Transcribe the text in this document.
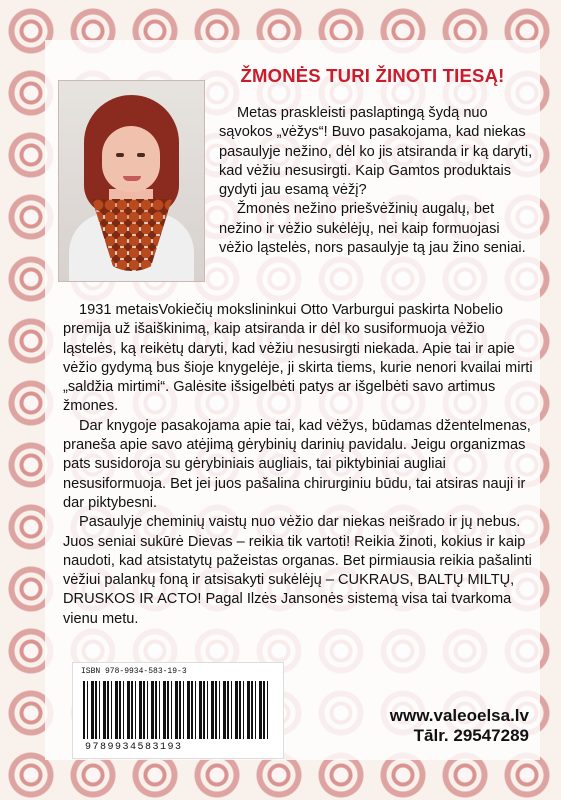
ŽMONĖS TURI ŽINOTI TIESĄ!

Metas praskleisti paslaptingą šydą nuo sąvokos „vėžys“! Buvo pasakojama, kad niekas pasaulyje nežino, dėl ko jis atsiranda ir ką daryti, kad vėžiu nesusirgti. Kaip Gamtos produktais gydyti jau esamą vėžį?

Žmonės nežino priešvėžinių augalų, bet nežino ir vėžio sukėlėjų, nei kaip formuojasi vėžio ląstelės, nors pasaulyje tą jau žino seniai.

1931 metaisVokiečių mokslininkui Otto Varburgui paskirta Nobelio premija už išaiškinimą, kaip atsiranda ir dėl ko susiformuoja vėžio ląstelės, ką reikėtų daryti, kad vėžiu nesusirgti niekada. Apie tai ir apie vėžio gydymą bus šioje knygelėje, ji skirta tiems, kurie nenori kvailai mirti „saldžia mirtimi“. Galėsite išsigelbėti patys ar išgelbėti savo artimus žmones.

Dar knygoje pasakojama apie tai, kad vėžys, būdamas džentelmenas, praneša apie savo atėjimą gėrybinių darinių pavidalu. Jeigu organizmas pats susidoroja su gėrybiniais augliais, tai piktybiniai augliai nesusiformuoja. Bet jei juos pašalina chirurginiu būdu, tai atsiras nauji ir dar piktybesni.

Pasaulyje cheminių vaistų nuo vėžio dar niekas neišrado ir jų nebus. Juos seniai sukūrė Dievas – reikia tik vartoti! Reikia žinoti, kokius ir kaip naudoti, kad atsistatytų pažeistas organas. Bet pirmiausia reikia pašalinti vėžiui palankų foną ir atsisakyti sukėlėjų – CUKRAUS, BALTŲ MILTŲ, DRUSKOS IR ACTO! Pagal Ilzės Jansonės sistemą visa tai tvarkoma vienu metu.

ISBN 978-9934-583-19-3
9789934583193
www.valeoelsa.lv
Tālr. 29547289
